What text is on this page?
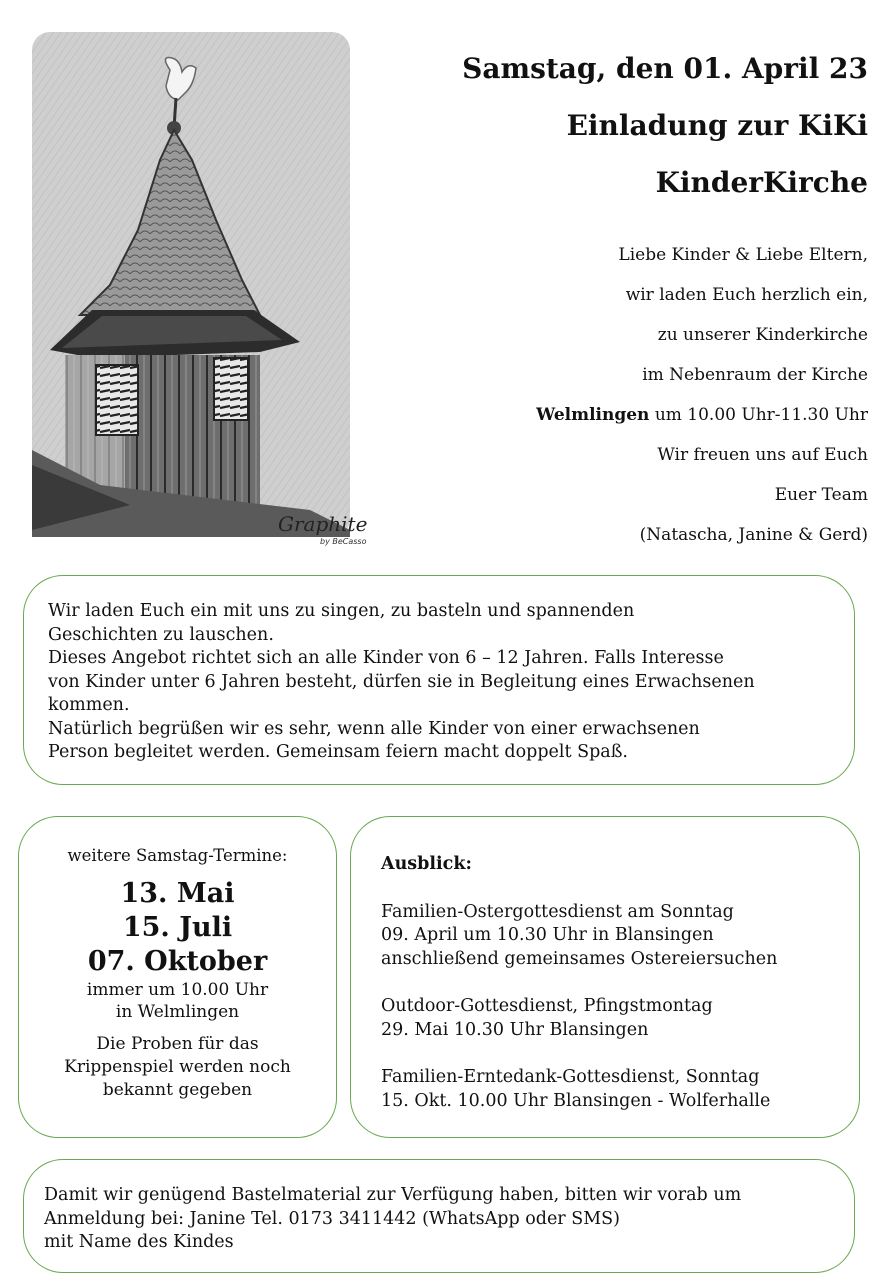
Graphite
by BeCasso
Samstag, den 01. April 23
Einladung zur KiKi
KinderKirche
Liebe Kinder & Liebe Eltern,
wir laden Euch herzlich ein,
zu unserer Kinderkirche
im Nebenraum der Kirche
Welmlingen um 10.00 Uhr-11.30 Uhr
Wir freuen uns auf Euch
Euer Team
(Natascha, Janine & Gerd)
Wir laden Euch ein mit uns zu singen, zu basteln und spannenden
Geschichten zu lauschen.
Dieses Angebot richtet sich an alle Kinder von 6 – 12 Jahren. Falls Interesse
von Kinder unter 6 Jahren besteht, dürfen sie in Begleitung eines Erwachsenen
kommen.
Natürlich begrüßen wir es sehr, wenn alle Kinder von einer erwachsenen
Person begleitet werden. Gemeinsam feiern macht doppelt Spaß.
weitere Samstag-Termine:
13. Mai
15. Juli
07. Oktober
immer um 10.00 Uhr
in Welmlingen
Die Proben für das
Krippenspiel werden noch
bekannt gegeben
Ausblick:
Familien-Ostergottesdienst am Sonntag
09. April um 10.30 Uhr in Blansingen
anschließend gemeinsames Ostereiersuchen
Outdoor-Gottesdienst, Pfingstmontag
29. Mai 10.30 Uhr Blansingen
Familien-Erntedank-Gottesdienst, Sonntag
15. Okt. 10.00 Uhr Blansingen - Wolferhalle
Damit wir genügend Bastelmaterial zur Verfügung haben, bitten wir vorab um
Anmeldung bei: Janine Tel. 0173 3411442 (WhatsApp oder SMS)
mit Name des Kindes
